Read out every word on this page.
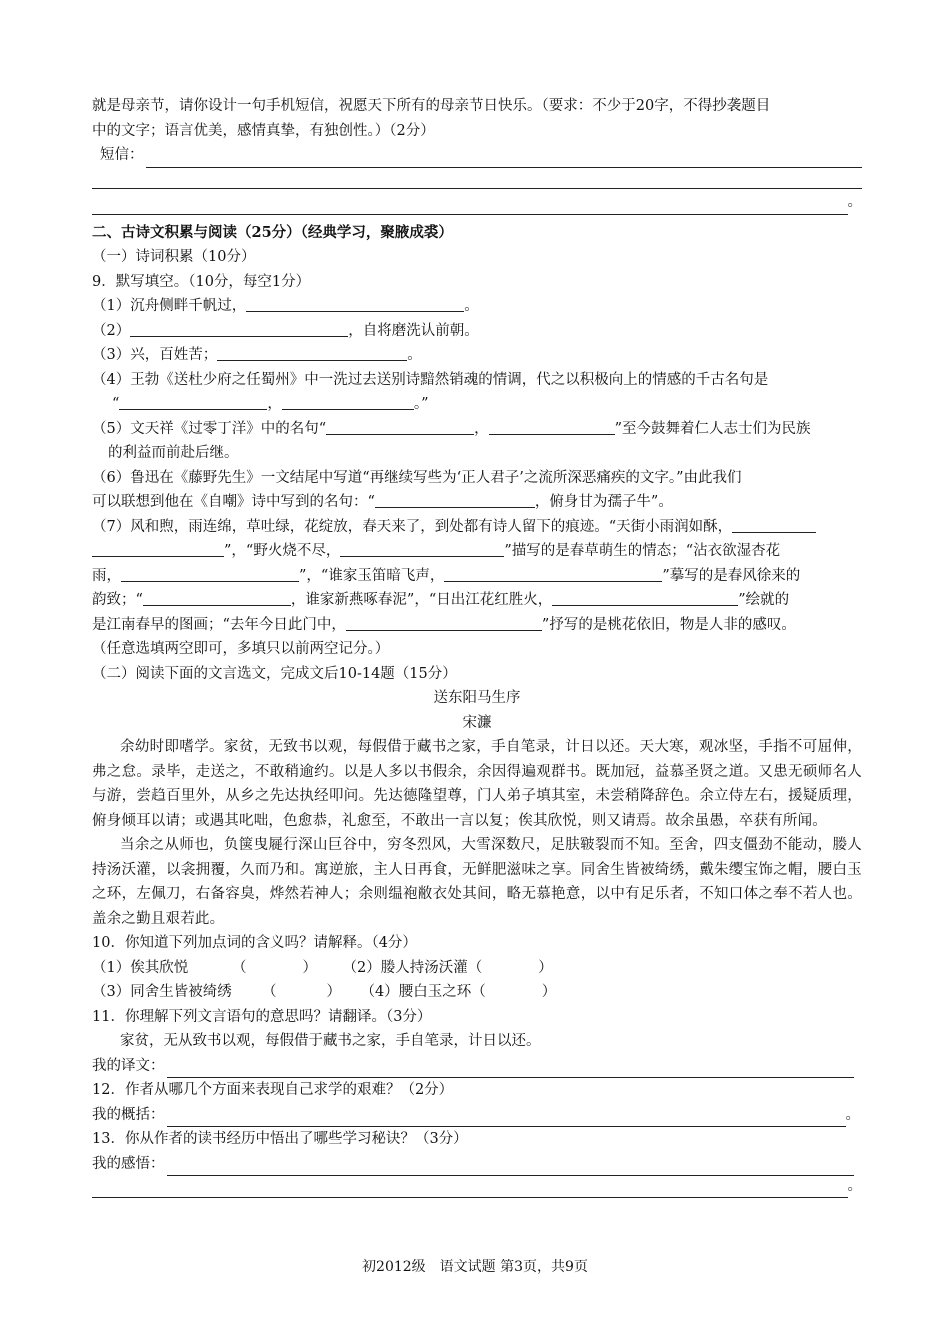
就是母亲节，请你设计一句手机短信，祝愿天下所有的母亲节日快乐。（要求：不少于20字，不得抄袭题目
中的文字；语言优美，感情真挚，有独创性。）（2分）
短信：
。
二、古诗文积累与阅读（25分）（经典学习，聚腋成裘）
（一）诗词积累（10分）
9．默写填空。（10分，每空1分）
（1）沉舟侧畔千帆过，	。
（2）	，自将磨洗认前朝。
（3）兴，百姓苦；	。
（4）王勃《送杜少府之任蜀州》中一洗过去送别诗黯然销魂的情调，代之以积极向上的情感的千古名句是
“	，	。”
（5）文天祥《过零丁洋》中的名句“	，	”至今鼓舞着仁人志士们为民族
的利益而前赴后继。
（6）鲁迅在《藤野先生》一文结尾中写道“再继续写些为‘正人君子’之流所深恶痛疾的文字。”由此我们
可以联想到他在《自嘲》诗中写到的名句：“	，俯身甘为孺子牛”。
（7）风和煦，雨连绵，草吐绿，花绽放，春天来了，到处都有诗人留下的痕迹。“天街小雨润如酥，
”，“野火烧不尽，	”描写的是春草萌生的情态；“沾衣欲湿杏花
雨，	”，“谁家玉笛暗飞声，	”摹写的是春风徐来的
韵致；“	，谁家新燕啄春泥”，“日出江花红胜火，	”绘就的
是江南春早的图画；“去年今日此门中，	”抒写的是桃花依旧，物是人非的感叹。
（任意选填两空即可，多填只以前两空记分。）
（二）阅读下面的文言选文，完成文后10-14题（15分）
送东阳马生序
宋濂
余幼时即嗜学。家贫，无致书以观，每假借于藏书之家，手自笔录，计日以还。天大寒，观冰坚，手指不可屈伸，弗之怠。录毕，走送之，不敢稍逾约。以是人多以书假余，余因得遍观群书。既加冠，益慕圣贤之道。又患无硕师名人与游，尝趋百里外，从乡之先达执经叩问。先达德隆望尊，门人弟子填其室，未尝稍降辞色。余立侍左右，援疑质理，俯身倾耳以请；或遇其叱咄，色愈恭，礼愈至，不敢出一言以复；俟其欣悦，则又请焉。故余虽愚，卒获有所闻。
当余之从师也，负箧曳屣行深山巨谷中，穷冬烈风，大雪深数尺，足肤皲裂而不知。至舍，四支僵劲不能动，媵人持汤沃灌，以衾拥覆，久而乃和。寓逆旅，主人日再食，无鲜肥滋味之享。同舍生皆被绮绣，戴朱缨宝饰之帽，腰白玉之环，左佩刀，右备容臭，烨然若神人；余则缊袍敝衣处其间，略无慕艳意，以中有足乐者，不知口体之奉不若人也。盖余之勤且艰若此。
10．你知道下列加点词的含义吗？请解释。（4分）
（1）俟其欣悦	（	） （2）媵人持汤沃灌（	）
（3）同舍生皆被绮绣 （	） （4）腰白玉之环（	）
11．你理解下列文言语句的意思吗？请翻译。（3分）
家贫，无从致书以观，每假借于藏书之家，手自笔录，计日以还。
我的译文：
12．作者从哪几个方面来表现自己求学的艰难？（2分）
我的概括：	。
13．你从作者的读书经历中悟出了哪些学习秘诀？（3分）
我的感悟：
。
初2012级　语文试题 第3页，共9页
